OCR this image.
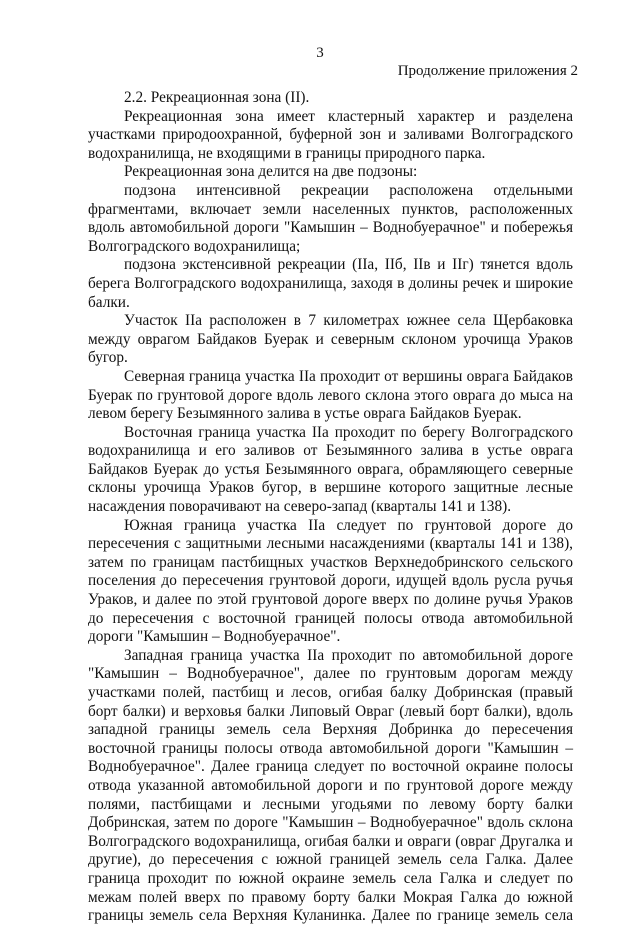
3
Продолжение приложения 2

2.2. Рекреационная зона (II).

Рекреационная зона имеет кластерный характер и разделена участками природоохранной, буферной зон и заливами Волгоградского водохранилища, не входящими в границы природного парка.

Рекреационная зона делится на две подзоны:

подзона интенсивной рекреации расположена отдельными фрагментами, включает земли населенных пунктов, расположенных вдоль автомобильной дороги "Камышин – Воднобуерачное" и побережья Волгоградского водохранилища;

подзона экстенсивной рекреации (IIа, IIб, IIв и IIг) тянется вдоль берега Волгоградского водохранилища, заходя в долины речек и широкие балки.

Участок IIа расположен в 7 километрах южнее села Щербаковка между оврагом Байдаков Буерак и северным склоном урочища Ураков бугор.

Северная граница участка IIа проходит от вершины оврага Байдаков Буерак по грунтовой дороге вдоль левого склона этого оврага до мыса на левом берегу Безымянного залива в устье оврага Байдаков Буерак.

Восточная граница участка IIа проходит по берегу Волгоградского водохранилища и его заливов от Безымянного залива в устье оврага Байдаков Буерак до устья Безымянного оврага, обрамляющего северные склоны урочища Ураков бугор, в вершине которого защитные лесные насаждения поворачивают на северо-запад (кварталы 141 и 138).

Южная граница участка IIа следует по грунтовой дороге до пересечения с защитными лесными насаждениями (кварталы 141 и 138), затем по границам пастбищных участков Верхнедобринского сельского поселения до пересечения грунтовой дороги, идущей вдоль русла ручья Ураков, и далее по этой грунтовой дороге вверх по долине ручья Ураков до пересечения с восточной границей полосы отвода автомобильной дороги "Камышин – Воднобуерачное".

Западная граница участка IIа проходит по автомобильной дороге "Камышин – Воднобуерачное", далее по грунтовым дорогам между участками полей, пастбищ и лесов, огибая балку Добринская (правый борт балки) и верховья балки Липовый Овраг (левый борт балки), вдоль западной границы земель села Верхняя Добринка до пересечения восточной границы полосы отвода автомобильной дороги "Камышин – Воднобуерачное". Далее граница следует по восточной окраине полосы отвода указанной автомобильной дороги и по грунтовой дороге между полями, пастбищами и лесными угодьями по левому борту балки Добринская, затем по дороге "Камышин – Воднобуерачное" вдоль склона Волгоградского водохранилища, огибая балки и овраги (овраг Другалка и другие), до пересечения с южной границей земель села Галка. Далее граница проходит по южной окраине земель села Галка и следует по межам полей вверх по правому борту балки Мокрая Галка до южной границы земель села Верхняя Куланинка. Далее по границе земель села
